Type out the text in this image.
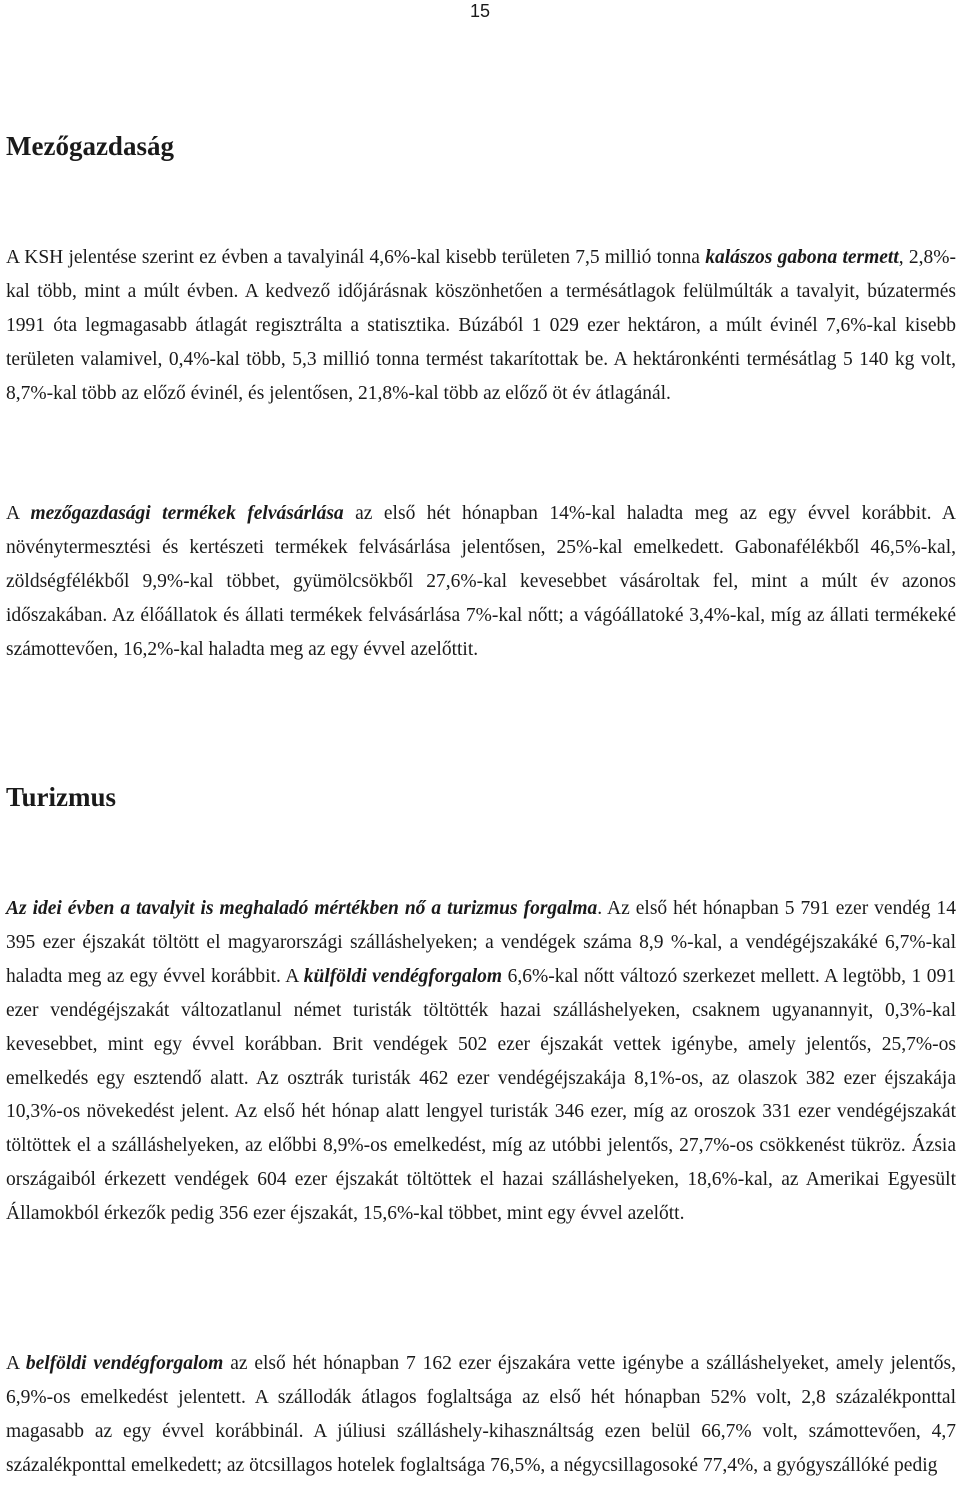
15
Mezőgazdaság

A KSH jelentése szerint ez évben a tavalyinál 4,6%-kal kisebb területen 7,5 millió tonna kalászos gabona termett, 2,8%-kal több, mint a múlt évben. A kedvező időjárásnak köszönhetően a termésátlagok felülmúlták a tavalyit, búzatermés 1991 óta legmagasabb átlagát regisztrálta a statisztika. Búzából 1 029 ezer hektáron, a múlt évinél 7,6%-kal kisebb területen valamivel, 0,4%-kal több, 5,3 millió tonna termést takarítottak be. A hektáronkénti termésátlag 5 140 kg volt, 8,7%-kal több az előző évinél, és jelentősen, 21,8%-kal több az előző öt év átlagánál.

A mezőgazdasági termékek felvásárlása az első hét hónapban 14%-kal haladta meg az egy évvel korábbit. A növénytermesztési és kertészeti termékek felvásárlása jelentősen, 25%-kal emelkedett. Gabonafélékből 46,5%-kal, zöldségfélékből 9,9%-kal többet, gyümölcsökből 27,6%-kal kevesebbet vásároltak fel, mint a múlt év azonos időszakában. Az élőállatok és állati termékek felvásárlása 7%-kal nőtt; a vágóállatoké 3,4%-kal, míg az állati termékeké számottevően, 16,2%-kal haladta meg az egy évvel azelőttit.

Turizmus

Az idei évben a tavalyit is meghaladó mértékben nő a turizmus forgalma. Az első hét hónapban 5 791 ezer vendég 14 395 ezer éjszakát töltött el magyarországi szálláshelyeken; a vendégek száma 8,9 %-kal, a vendégéjszakáké 6,7%-kal haladta meg az egy évvel korábbit. A külföldi vendégforgalom 6,6%-kal nőtt változó szerkezet mellett. A legtöbb, 1 091 ezer vendégéjszakát változatlanul német turisták töltötték hazai szálláshelyeken, csaknem ugyanannyit, 0,3%-kal kevesebbet, mint egy évvel korábban. Brit vendégek 502 ezer éjszakát vettek igénybe, amely jelentős, 25,7%-os emelkedés egy esztendő alatt. Az osztrák turisták 462 ezer vendégéjszakája 8,1%-os, az olaszok 382 ezer éjszakája 10,3%-os növekedést jelent. Az első hét hónap alatt lengyel turisták 346 ezer, míg az oroszok 331 ezer vendégéjszakát töltöttek el a szálláshelyeken, az előbbi 8,9%-os emelkedést, míg az utóbbi jelentős, 27,7%-os csökkenést tükröz. Ázsia országaiból érkezett vendégek 604 ezer éjszakát töltöttek el hazai szálláshelyeken, 18,6%-kal, az Amerikai Egyesült Államokból érkezők pedig 356 ezer éjszakát, 15,6%-kal többet, mint egy évvel azelőtt.

A belföldi vendégforgalom az első hét hónapban 7 162 ezer éjszakára vette igénybe a szálláshelyeket, amely jelentős, 6,9%-os emelkedést jelentett. A szállodák átlagos foglaltsága az első hét hónapban 52% volt, 2,8 százalékponttal magasabb az egy évvel korábbinál. A júliusi szálláshely-kihasználtság ezen belül 66,7% volt, számottevően, 4,7 százalékponttal emelkedett; az ötcsillagos hotelek foglaltsága 76,5%, a négycsillagosoké 77,4%, a gyógyszállóké pedig
